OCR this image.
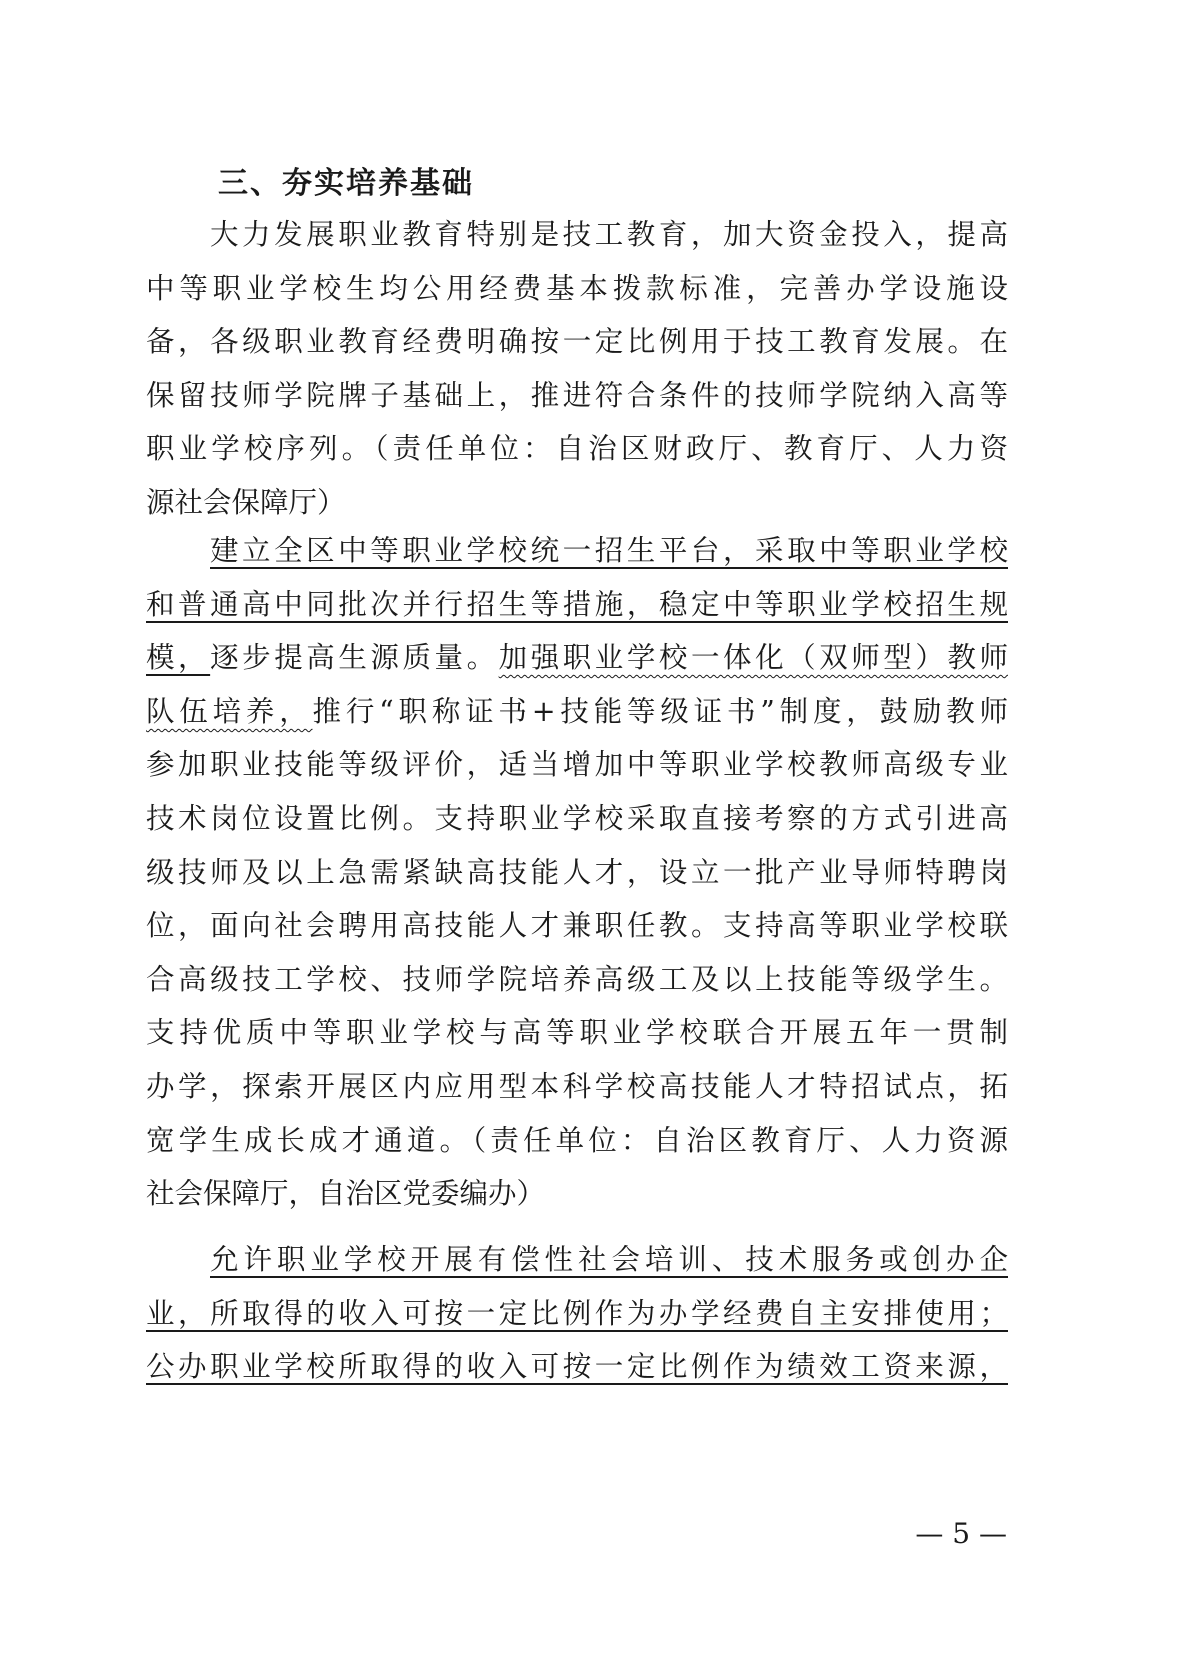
三、夯实培养基础
大力发展职业教育特别是技工教育，加大资金投入，提高
中等职业学校生均公用经费基本拨款标准，完善办学设施设
备，各级职业教育经费明确按一定比例用于技工教育发展。在
保留技师学院牌子基础上，推进符合条件的技师学院纳入高等
职业学校序列。（责任单位：自治区财政厅、教育厅、人力资
源社会保障厅）
建立全区中等职业学校统一招生平台，采取中等职业学校
和普通高中同批次并行招生等措施，稳定中等职业学校招生规
模，逐步提高生源质量。加强职业学校一体化（双师型）教师
队伍培养，推行“职称证书+技能等级证书”制度，鼓励教师
参加职业技能等级评价，适当增加中等职业学校教师高级专业
技术岗位设置比例。支持职业学校采取直接考察的方式引进高
级技师及以上急需紧缺高技能人才，设立一批产业导师特聘岗
位，面向社会聘用高技能人才兼职任教。支持高等职业学校联
合高级技工学校、技师学院培养高级工及以上技能等级学生。
支持优质中等职业学校与高等职业学校联合开展五年一贯制
办学，探索开展区内应用型本科学校高技能人才特招试点，拓
宽学生成长成才通道。（责任单位：自治区教育厅、人力资源
社会保障厅，自治区党委编办）
允许职业学校开展有偿性社会培训、技术服务或创办企
业，所取得的收入可按一定比例作为办学经费自主安排使用；
公办职业学校所取得的收入可按一定比例作为绩效工资来源，
— 5 —
